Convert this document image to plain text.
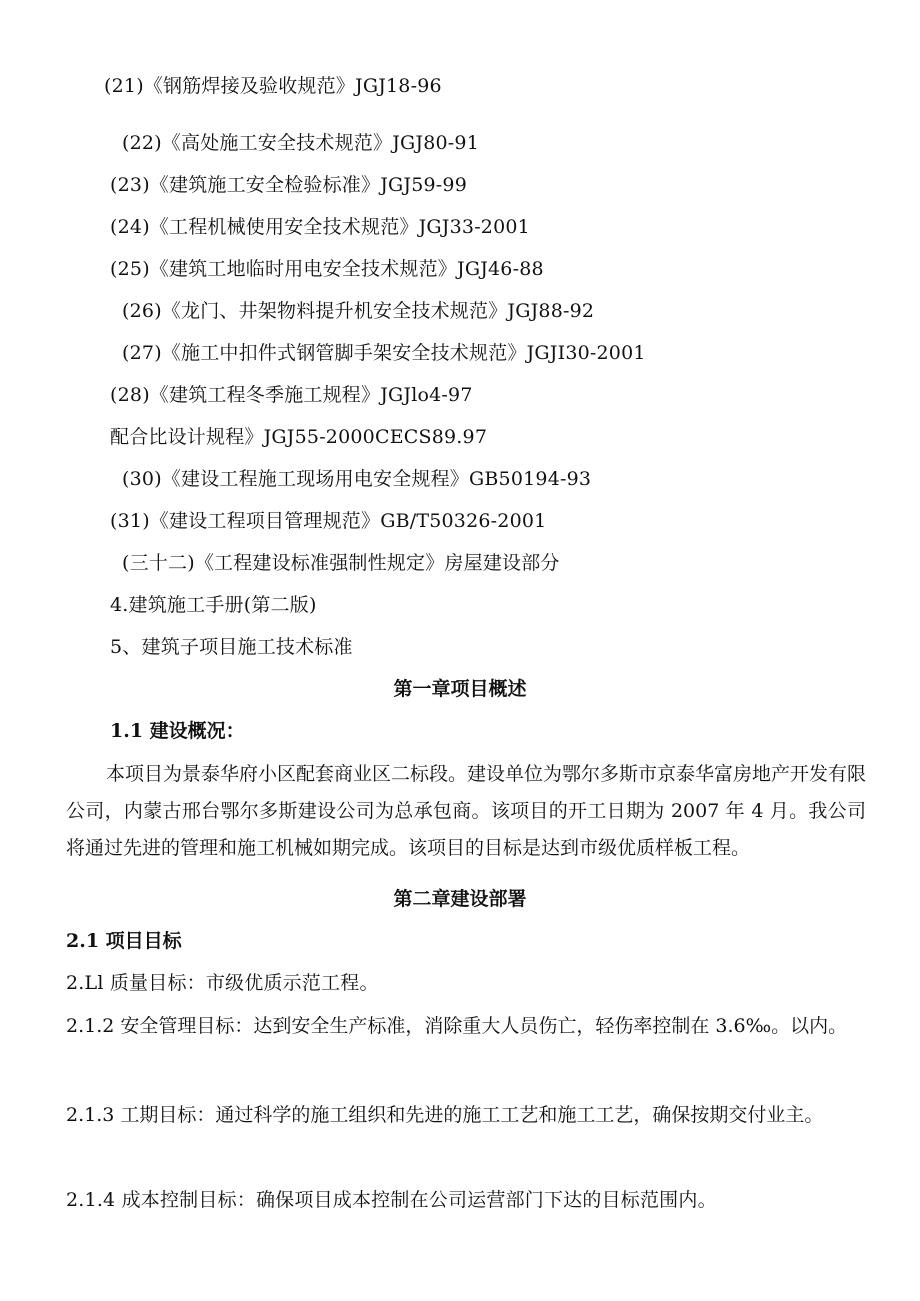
(21)《钢筋焊接及验收规范》JGJ18-96
(22)《高处施工安全技术规范》JGJ80-91
(23)《建筑施工安全检验标准》JGJ59-99
(24)《工程机械使用安全技术规范》JGJ33-2001
(25)《建筑工地临时用电安全技术规范》JGJ46-88
(26)《龙门、井架物料提升机安全技术规范》JGJ88-92
(27)《施工中扣件式钢管脚手架安全技术规范》JGJI30-2001
(28)《建筑工程冬季施工规程》JGJlo4-97
配合比设计规程》JGJ55-2000CECS89.97
(30)《建设工程施工现场用电安全规程》GB50194-93
(31)《建设工程项目管理规范》GB/T50326-2001
(三十二)《工程建设标准强制性规定》房屋建设部分
4.建筑施工手册(第二版)
5、建筑子项目施工技术标准
第一章项目概述
1.1 建设概况：
本项目为景泰华府小区配套商业区二标段。建设单位为鄂尔多斯市京泰华富房地产开发有限公司，内蒙古邢台鄂尔多斯建设公司为总承包商。该项目的开工日期为 2007 年 4 月。我公司将通过先进的管理和施工机械如期完成。该项目的目标是达到市级优质样板工程。
第二章建设部署
2.1 项目目标
2.Ll 质量目标：市级优质示范工程。
2.1.2 安全管理目标：达到安全生产标准，消除重大人员伤亡，轻伤率控制在 3.6‰。以内。
2.1.3 工期目标：通过科学的施工组织和先进的施工工艺和施工工艺，确保按期交付业主。
2.1.4 成本控制目标：确保项目成本控制在公司运营部门下达的目标范围内。
